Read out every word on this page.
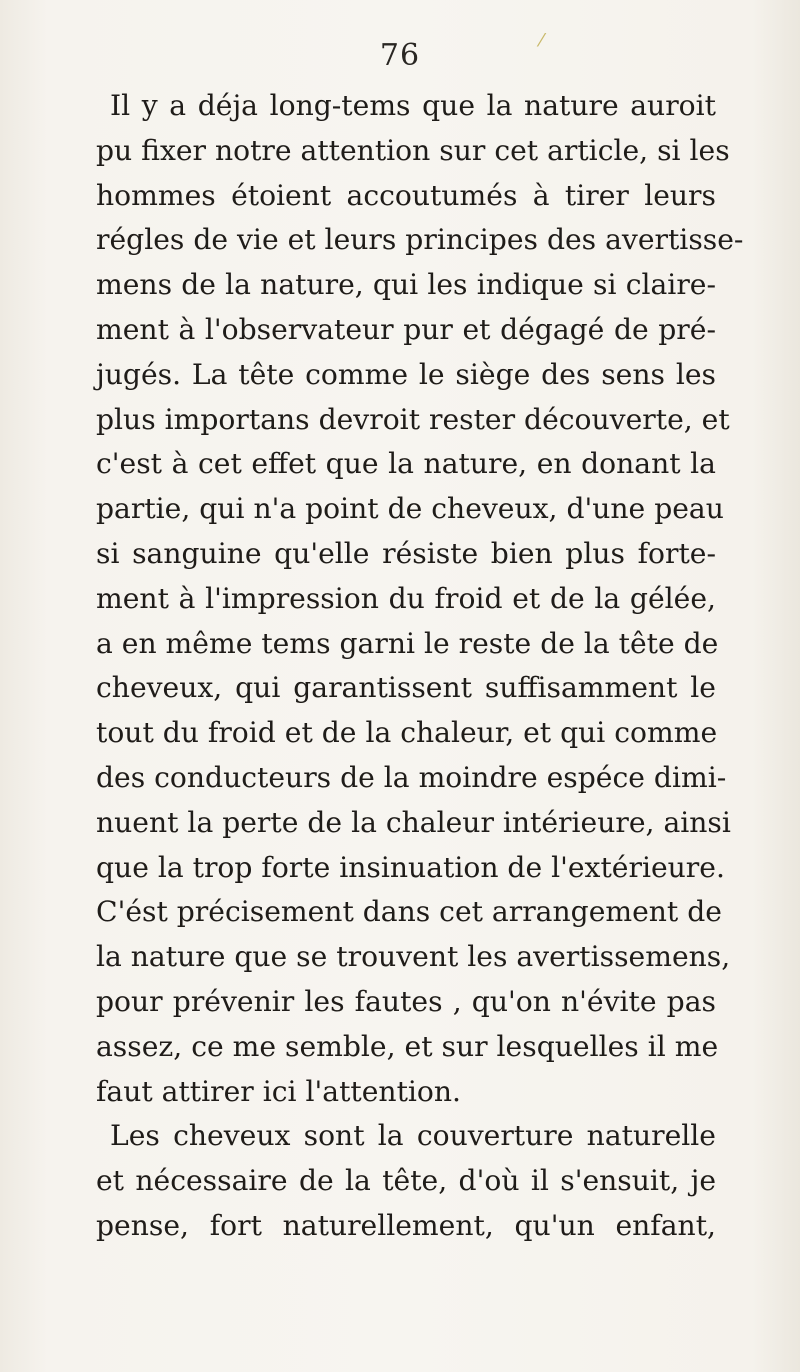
⁄
76
Il y a déja long-tems que la nature auroit
pu fixer notre attention sur cet article, si les
hommes étoient accoutumés à tirer leurs
régles de vie et leurs principes des avertisse-
mens de la nature, qui les indique si claire-
ment à l'observateur pur et dégagé de pré-
jugés. La tête comme le siège des sens les
plus importans devroit rester découverte, et
c'est à cet effet que la nature, en donant la
partie, qui n'a point de cheveux, d'une peau
si sanguine qu'elle résiste bien plus forte-
ment à l'impression du froid et de la gélée,
a en même tems garni le reste de la tête de
cheveux, qui garantissent suffisamment le
tout du froid et de la chaleur, et qui comme
des conducteurs de la moindre espéce dimi-
nuent la perte de la chaleur intérieure, ainsi
que la trop forte insinuation de l'extérieure.
C'ést précisement dans cet arrangement de
la nature que se trouvent les avertissemens,
pour prévenir les fautes , qu'on n'évite pas
assez, ce me semble, et sur lesquelles il me
faut attirer ici l'attention.
Les cheveux sont la couverture naturelle
et nécessaire de la tête, d'où il s'ensuit, je
pense, fort naturellement, qu'un enfant,
